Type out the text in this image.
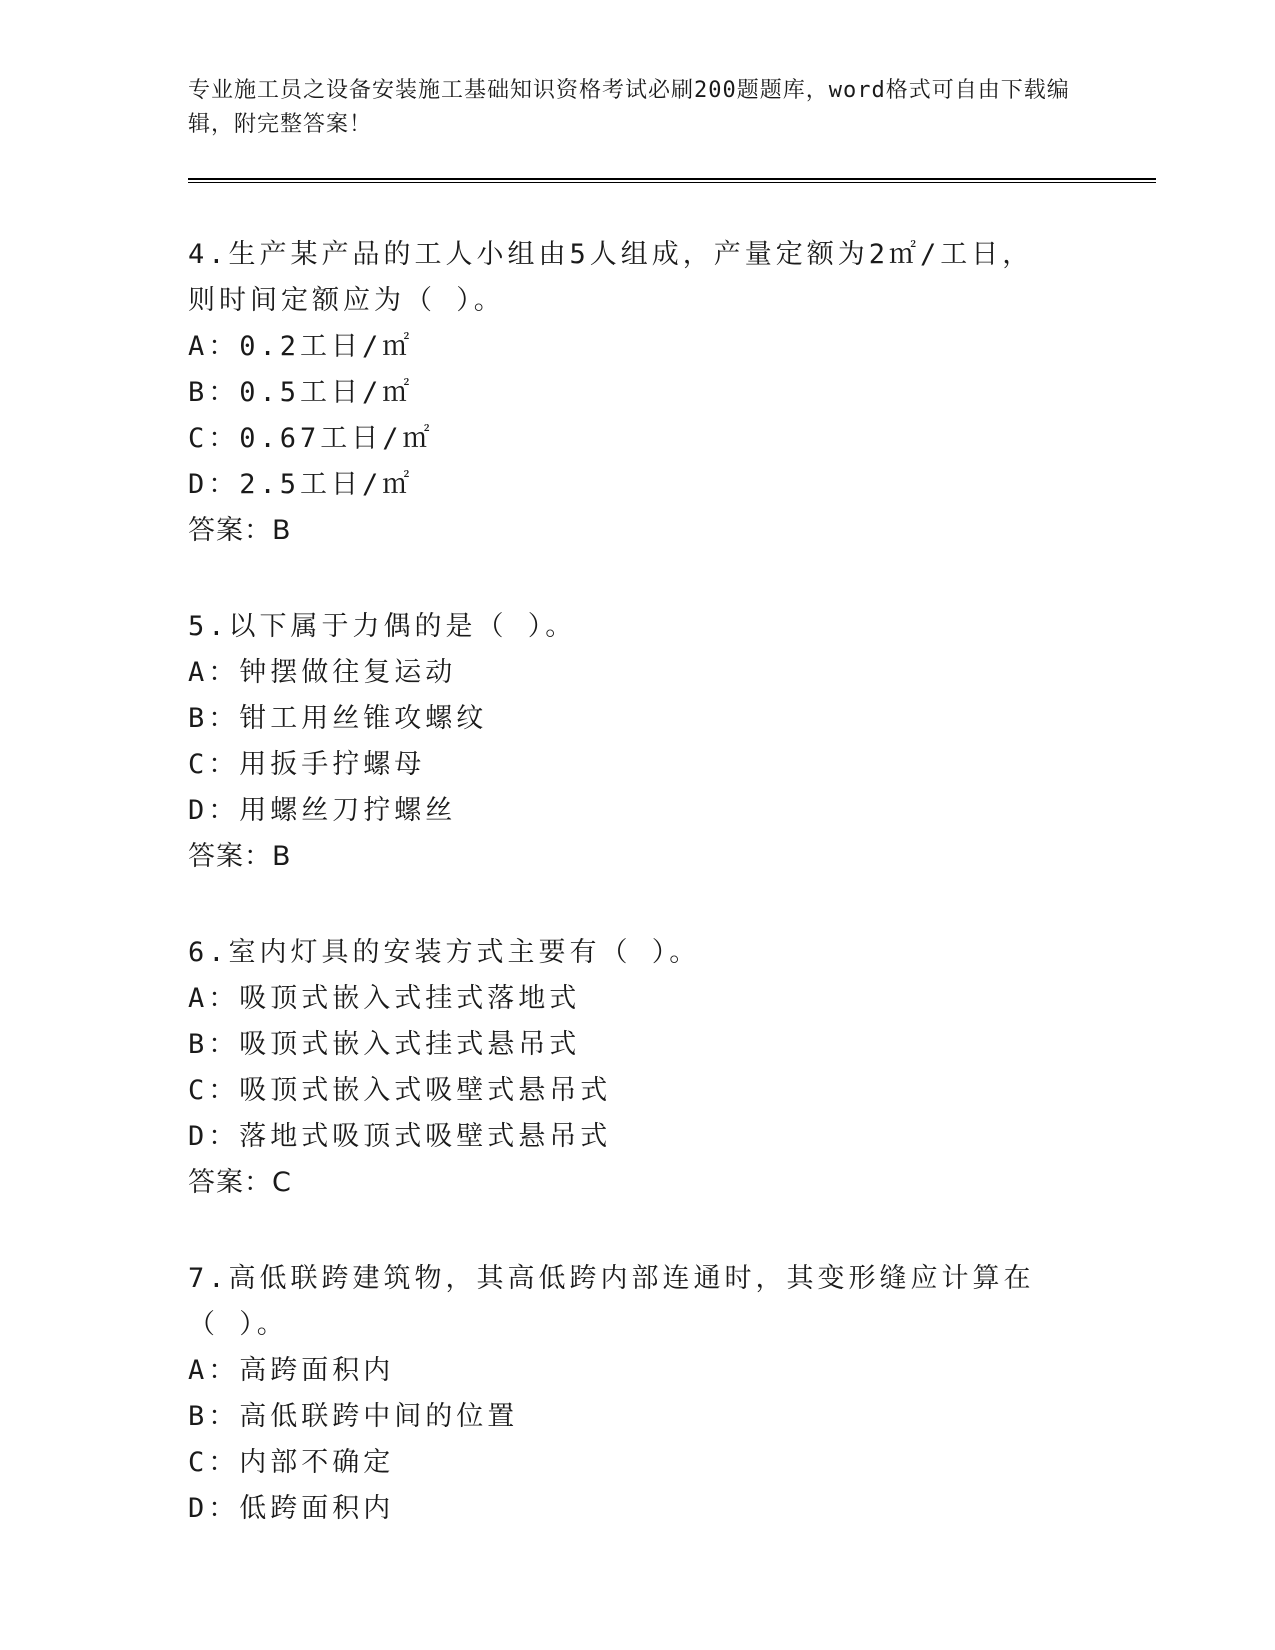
专业施工员之设备安装施工基础知识资格考试必刷200题题库，word格式可自由下载编辑，附完整答案！

4.生产某产品的工人小组由5人组成，产量定额为2㎡/工日，则时间定额应为（ ）。

A：0.2工日/㎡

B：0.5工日/㎡

C：0.67工日/㎡

D：2.5工日/㎡

答案：B

5.以下属于力偶的是（ ）。

A：钟摆做往复运动

B：钳工用丝锥攻螺纹

C：用扳手拧螺母

D：用螺丝刀拧螺丝

答案：B

6.室内灯具的安装方式主要有（ ）。

A：吸顶式嵌入式挂式落地式

B：吸顶式嵌入式挂式悬吊式

C：吸顶式嵌入式吸壁式悬吊式

D：落地式吸顶式吸壁式悬吊式

答案：C

7.高低联跨建筑物，其高低跨内部连通时，其变形缝应计算在（ ）。

A：高跨面积内

B：高低联跨中间的位置

C：内部不确定

D：低跨面积内
